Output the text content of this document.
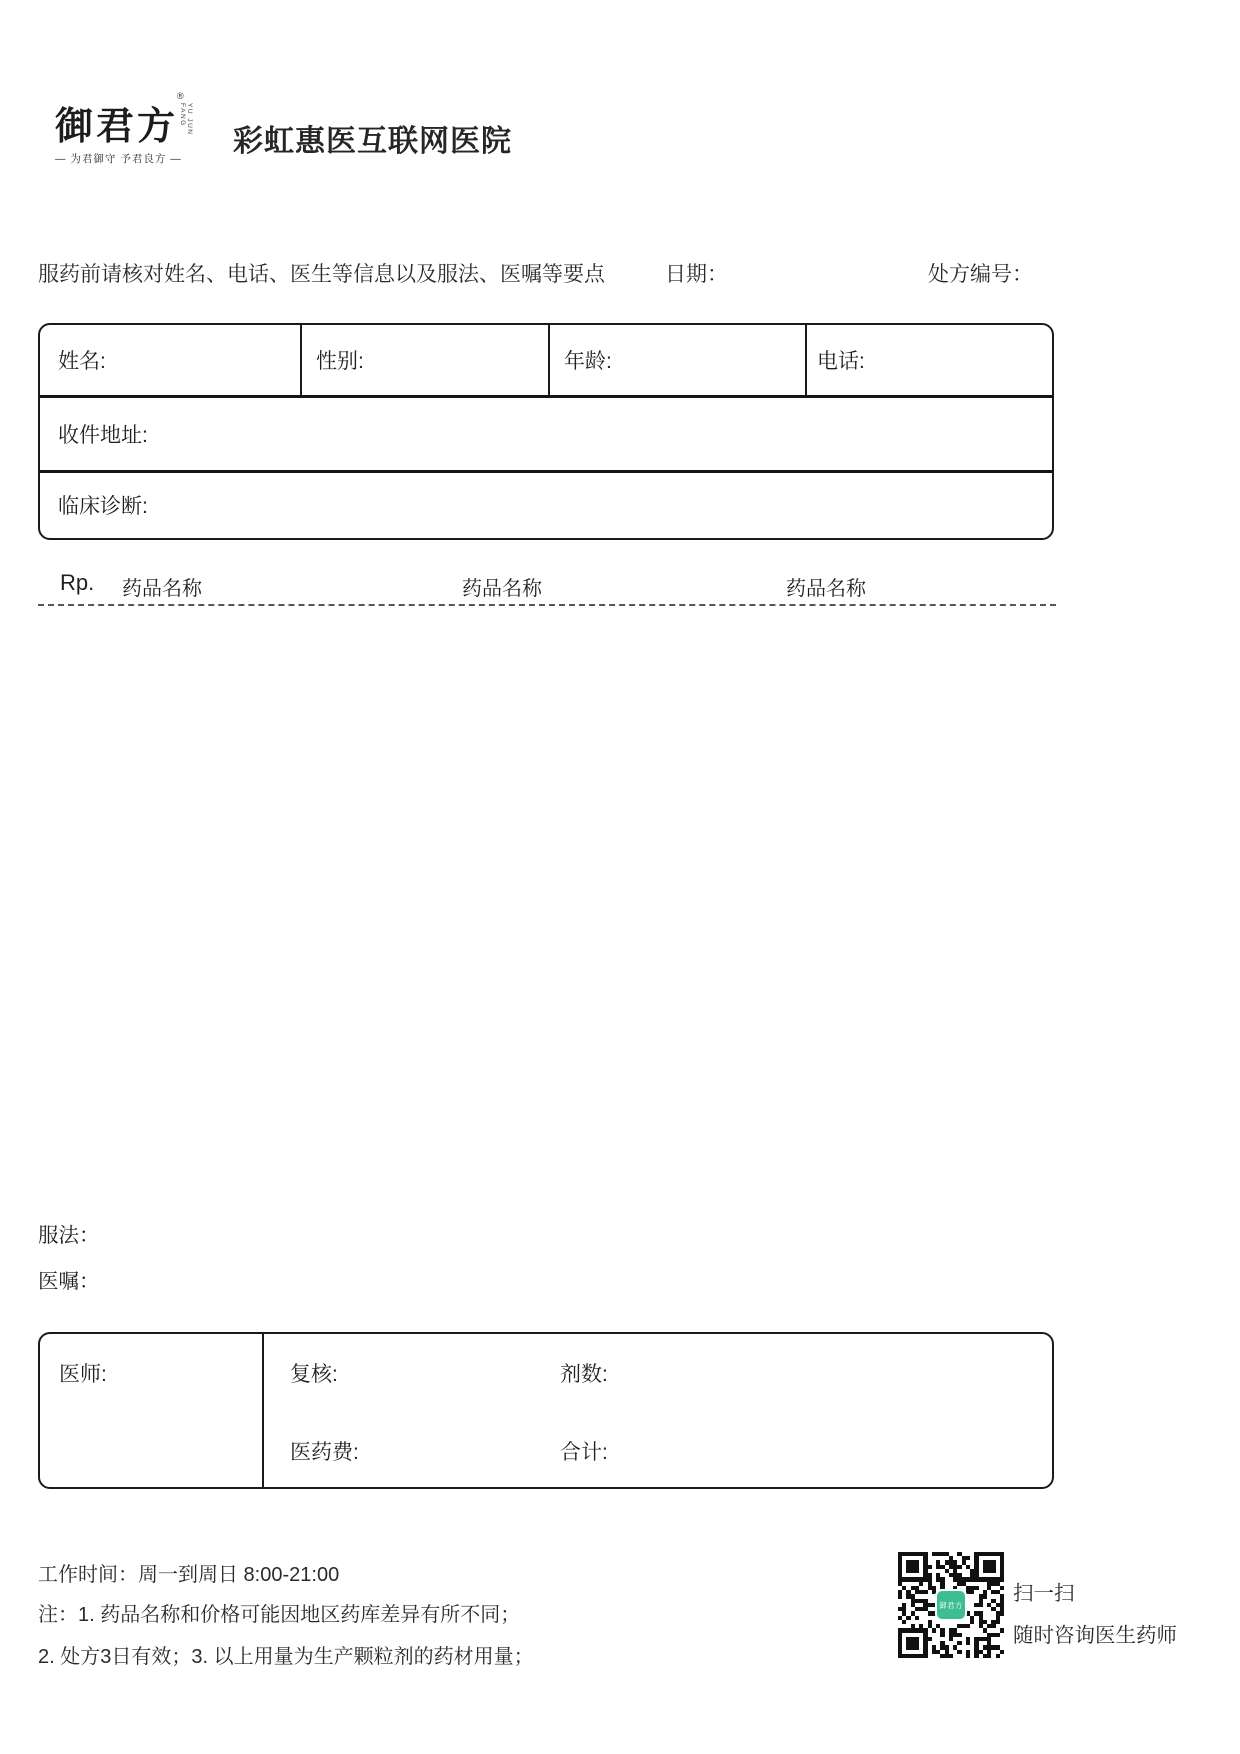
御君方
®
YU JUN FANG
— 为君御守 予君良方 —
彩虹惠医互联网医院
服药前请核对姓名、电话、医生等信息以及服法、医嘱等要点	日期：	处方编号：
姓名:	性别:	年龄:	电话:
收件地址:
临床诊断:
Rp. 药品名称	药品名称	药品名称
服法：
医嘱：
医师:	复核:	剂数:
医药费:	合计:
工作时间：周一到周日 8:00-21:00
注：1. 药品名称和价格可能因地区药库差异有所不同；
2. 处方3日有效；3. 以上用量为生产颗粒剂的药材用量；
御君方 扫一扫
随时咨询医生药师
